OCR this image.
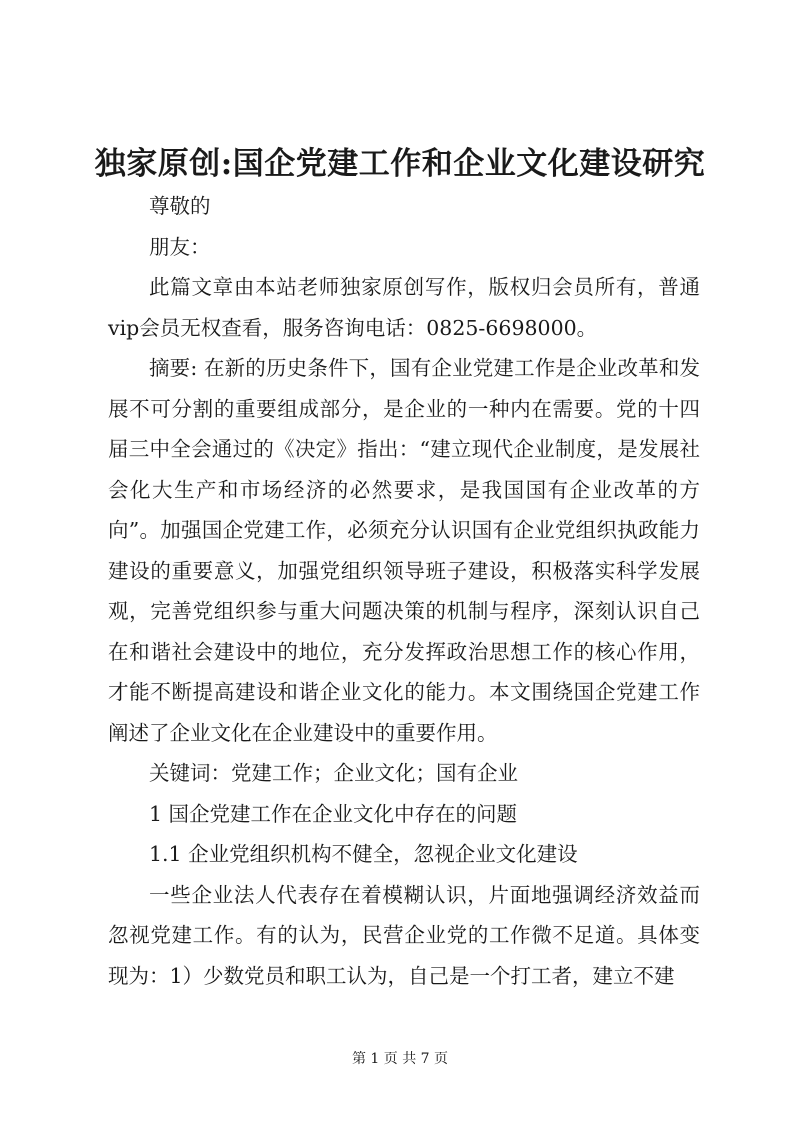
独家原创:国企党建工作和企业文化建设研究

尊敬的

朋友：

此篇文章由本站老师独家原创写作，版权归会员所有，普通vip会员无权查看，服务咨询电话：0825-6698000。

摘要: 在新的历史条件下，国有企业党建工作是企业改革和发展不可分割的重要组成部分，是企业的一种内在需要。党的十四届三中全会通过的《决定》指出：“建立现代企业制度，是发展社会化大生产和市场经济的必然要求，是我国国有企业改革的方向”。加强国企党建工作，必须充分认识国有企业党组织执政能力建设的重要意义，加强党组织领导班子建设，积极落实科学发展观，完善党组织参与重大问题决策的机制与程序，深刻认识自己在和谐社会建设中的地位，充分发挥政治思想工作的核心作用，才能不断提高建设和谐企业文化的能力。本文围绕国企党建工作阐述了企业文化在企业建设中的重要作用。

关键词：党建工作；企业文化；国有企业

1 国企党建工作在企业文化中存在的问题

1.1 企业党组织机构不健全，忽视企业文化建设

一些企业法人代表存在着模糊认识，片面地强调经济效益而忽视党建工作。有的认为，民营企业党的工作微不足道。具体变现为：1）少数党员和职工认为，自己是一个打工者，建立不建

第 1 页 共 7 页
